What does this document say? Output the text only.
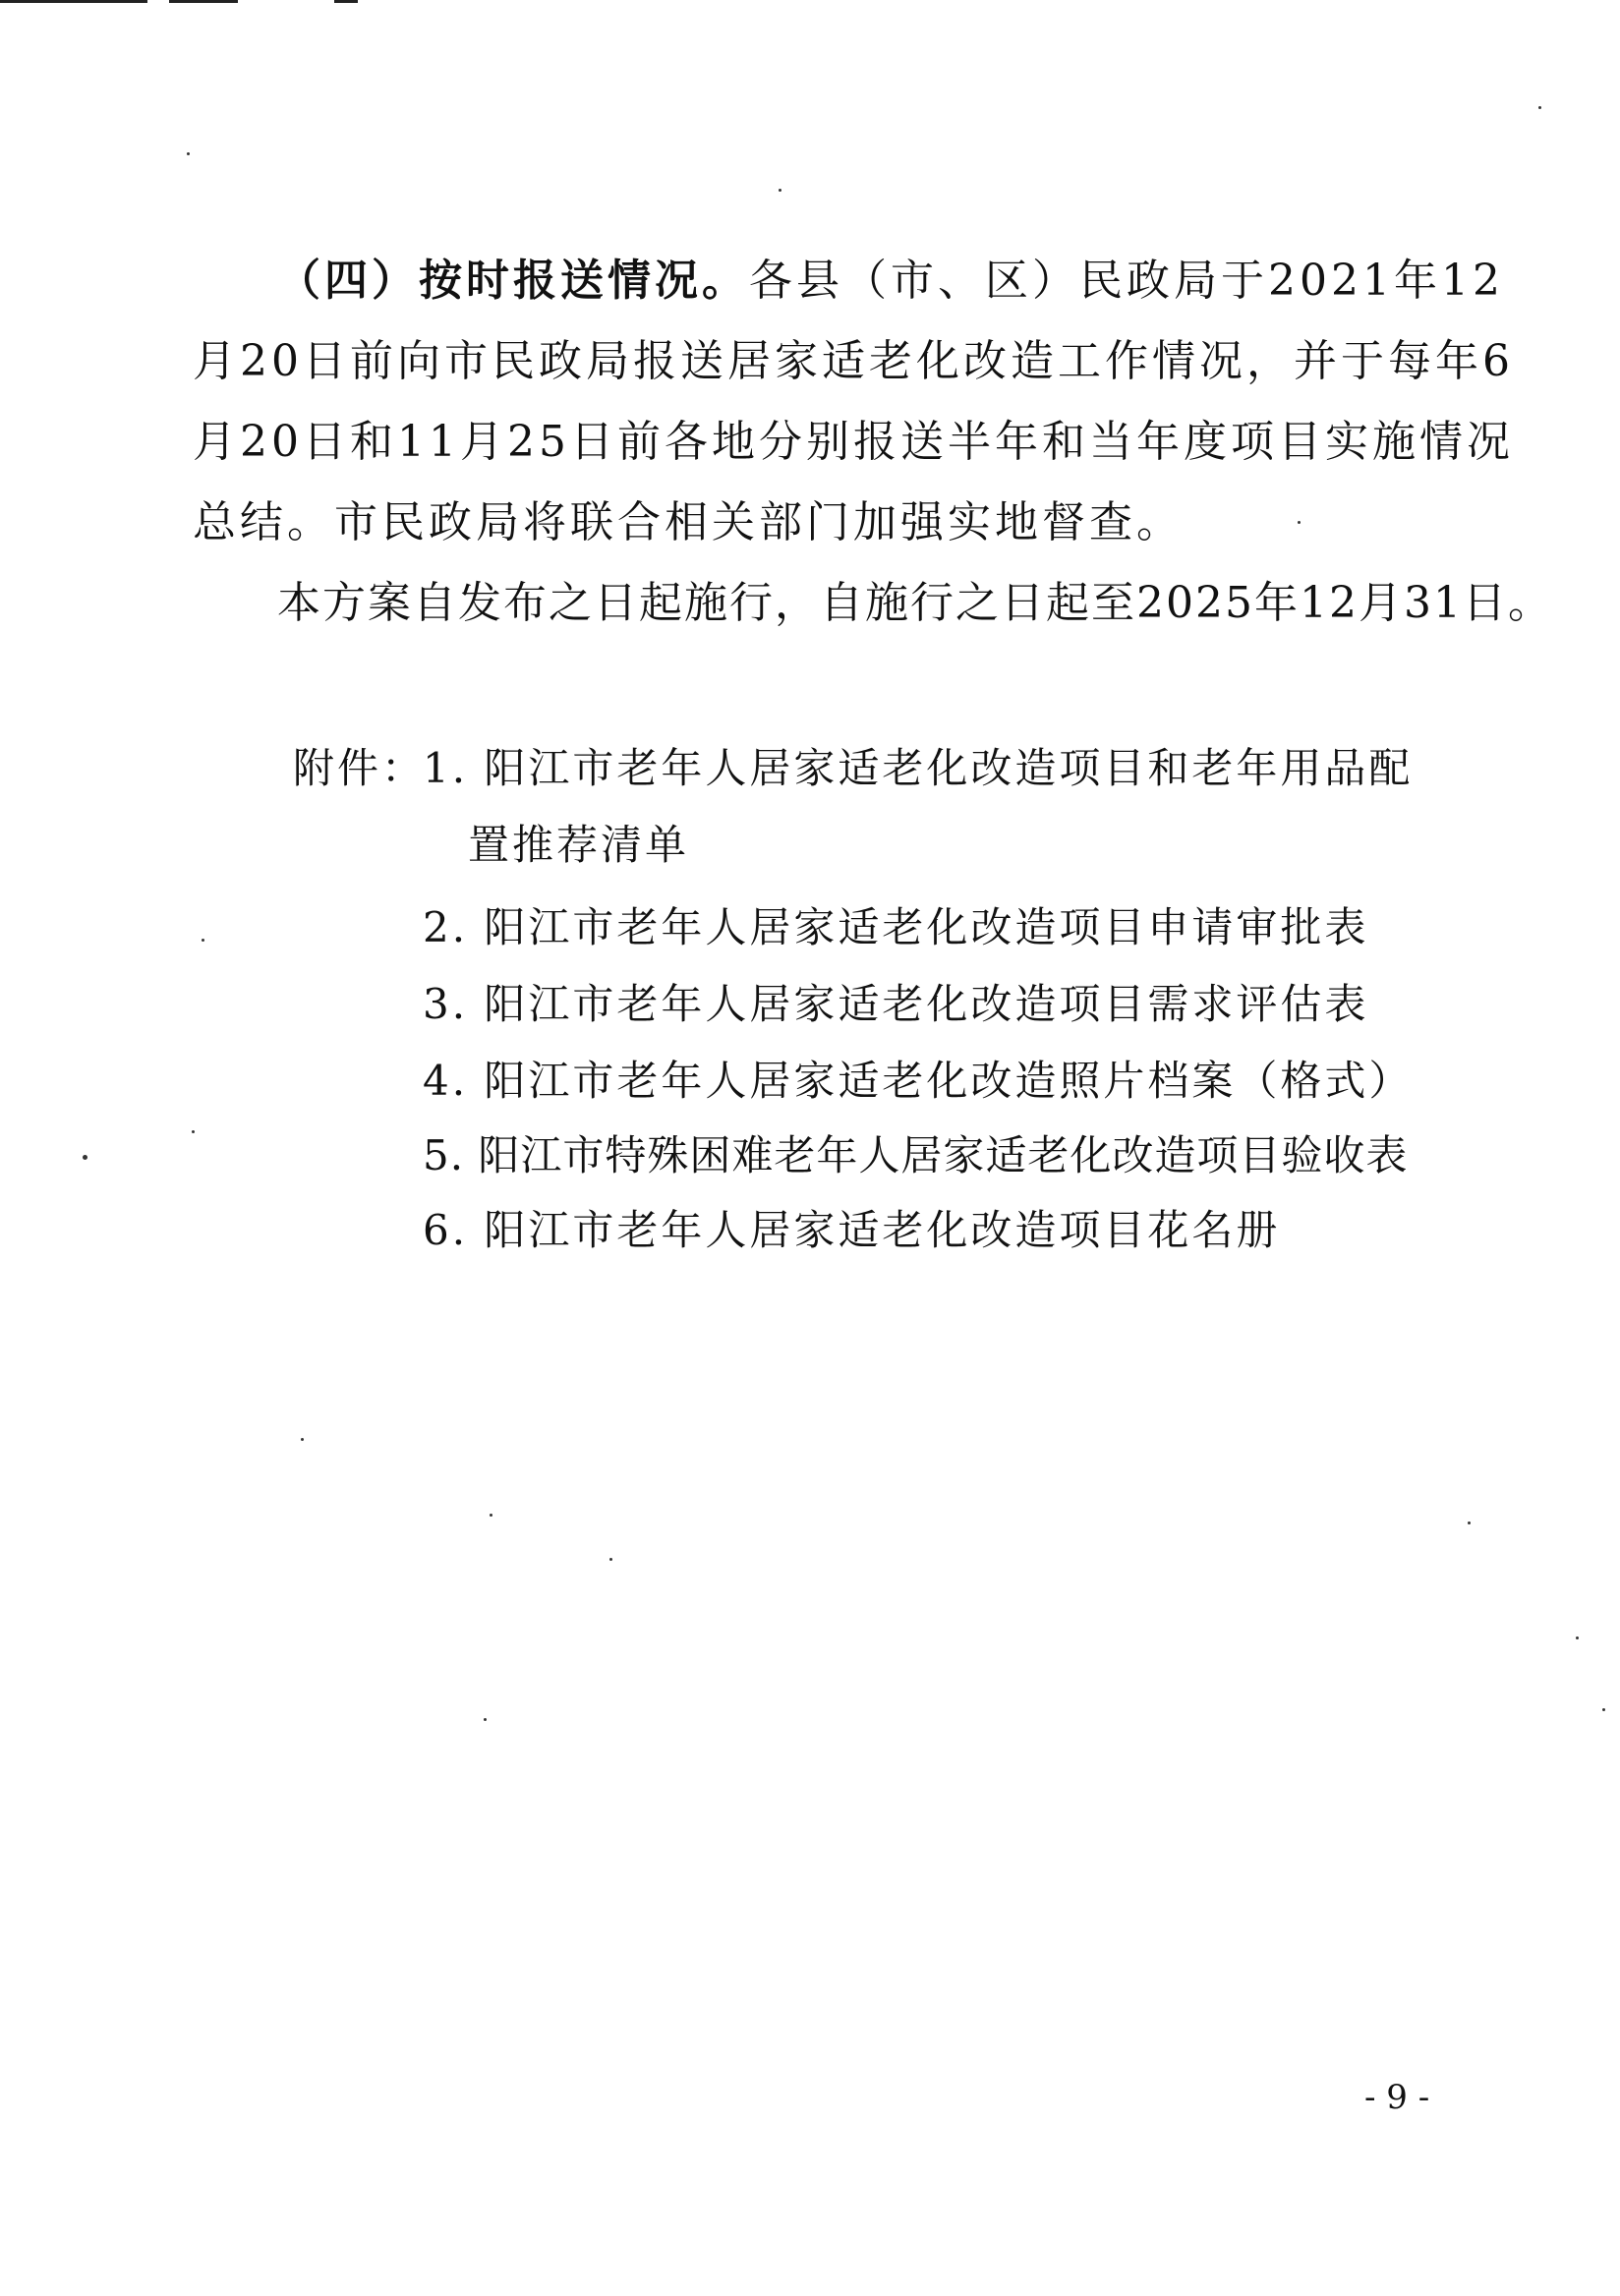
（四）按时报送情况。各县（市、区）民政局于2021年12
月20日前向市民政局报送居家适老化改造工作情况，并于每年6
月20日和11月25日前各地分别报送半年和当年度项目实施情况
总结。市民政局将联合相关部门加强实地督查。
本方案自发布之日起施行，自施行之日起至2025年12月31日。
附件：
1. 阳江市老年人居家适老化改造项目和老年用品配
置推荐清单
2. 阳江市老年人居家适老化改造项目申请审批表
3. 阳江市老年人居家适老化改造项目需求评估表
4. 阳江市老年人居家适老化改造照片档案（格式）
5. 阳江市特殊困难老年人居家适老化改造项目验收表
6. 阳江市老年人居家适老化改造项目花名册
- 9 -
